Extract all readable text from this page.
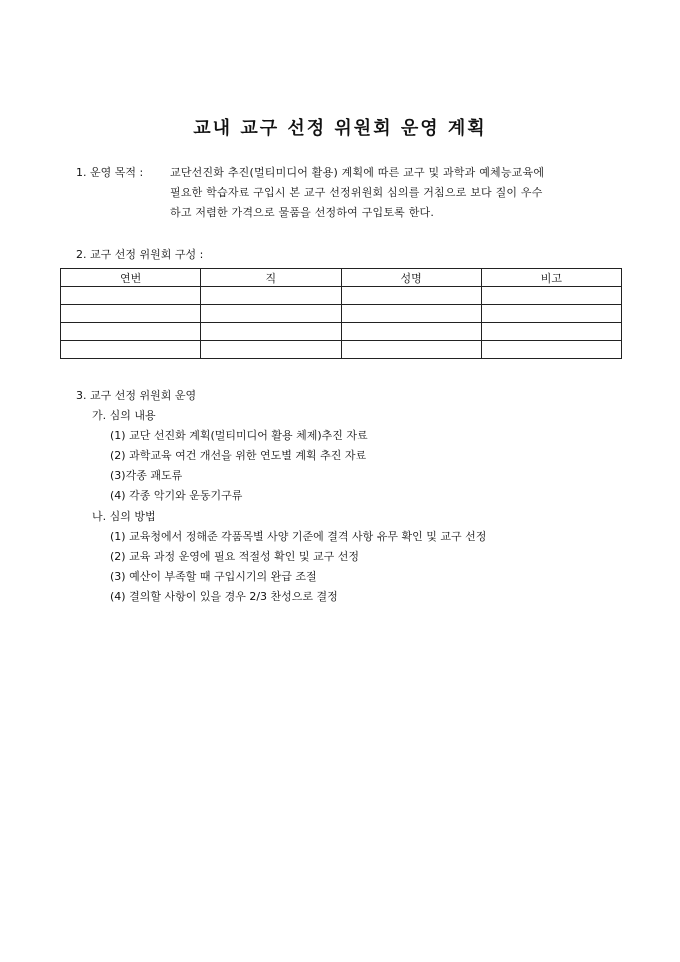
교내 교구 선정 위원회 운영 계획

1. 운영 목적 : 교단선진화 추진(멀티미디어 활용) 계획에 따른 교구 및 과학과 예체능교육에
필요한 학습자료 구입시 본 교구 선정위원회 심의를 거침으로 보다 질이 우수
하고 저렴한 가격으로 물품을 선정하여 구입토록 한다.

2. 교구 선정 위원회 구성 :

연번	직	성명	비고

3. 교구 선정 위원회 운영

가. 심의 내용

(1) 교단 선진화 계획(멀티미디어 활용 체제)추진 자료

(2) 과학교육 여건 개선을 위한 연도별 계획 추진 자료

(3)각종 괘도류

(4) 각종 악기와 운동기구류

나. 심의 방법

(1) 교육청에서 정해준 각품목별 사양 기준에 결격 사항 유무 확인 및 교구 선정

(2) 교육 과정 운영에 필요 적절성 확인 및 교구 선정

(3) 예산이 부족할 때 구입시기의 완급 조절

(4) 결의할 사항이 있을 경우 2/3 찬성으로 결정
